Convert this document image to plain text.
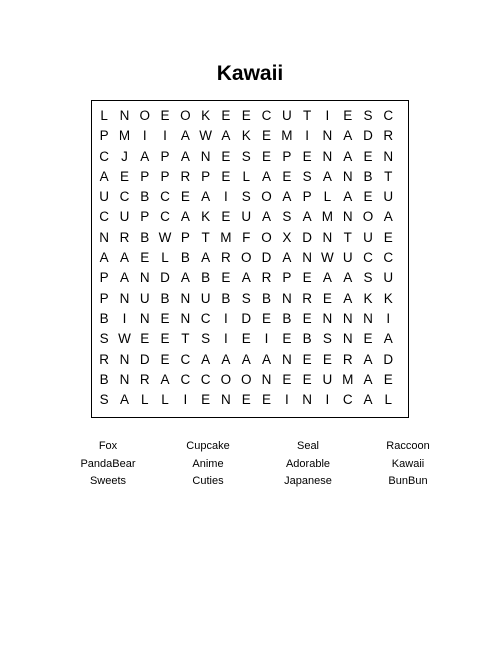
Kawaii
L N O E O K E E C U T	I	E S C
P M I	I	A W A K E M I	N A D R
C J A P A N E S E P E N A E N
A E P P R P E L A E S A N B T
U C B C E A	I	S O A P L A E U
C U P C A K E U A S A M N O A
N R B W P T M F O X D N T U E
A A E L B A R O D A N W U C C
P A N D A B E A R P E A A S U
P N U B N U B S B N R E A K K
B	I	N E N C	I	D E B E N N N	I
S W E E T S	I	E	I	E B S N E A
R N D E C A A A A N E E R A D
B N R A C C O O N E E U M A E
S A L L	I	E N E E	I	N	I	C A L
Fox	Cupcake	Seal	Raccoon
PandaBear	Anime	Adorable	Kawaii
Sweets	Cuties	Japanese	BunBun
